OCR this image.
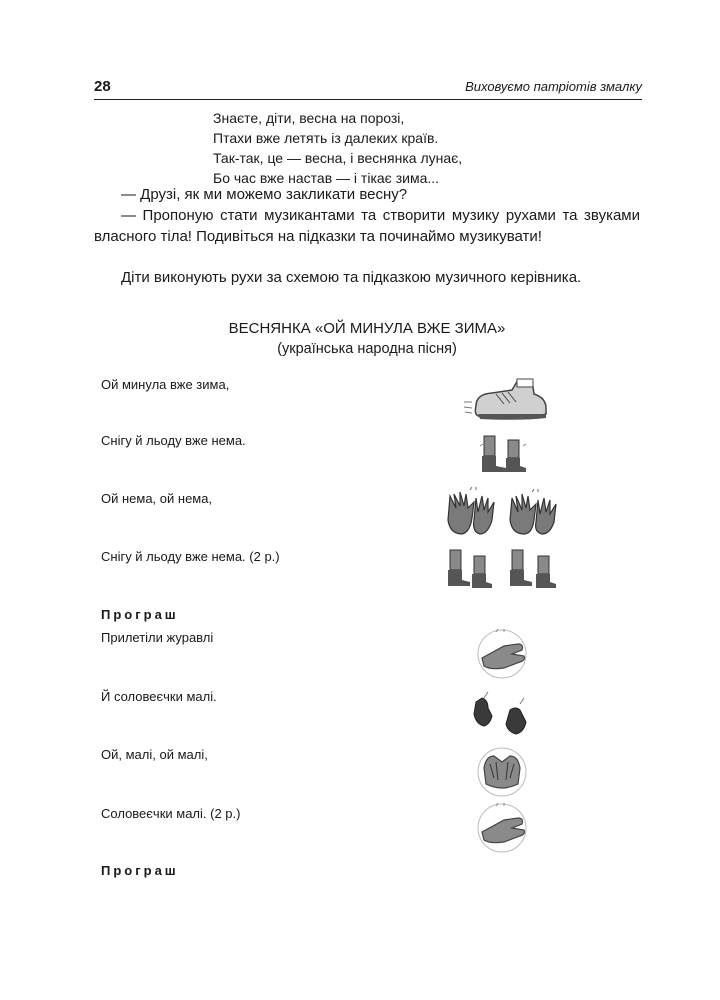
28	Виховуємо патріотів змалку
Знаєте, діти, весна на порозі,
Птахи вже летять із далеких країв.
Так-так, це — весна, і веснянка лунає,
Бо час вже настав — і тікає зима...
— Друзі, як ми можемо закликати весну?
— Пропоную стати музикантами та створити музику рухами та звуками власного тіла! Подивіться на підказки та починаймо музикувати!
Діти виконують рухи за схемою та підказкою музичного керівника.
ВЕСНЯНКА «ОЙ МИНУЛА ВЖЕ ЗИМА»
(українська народна пісня)
Ой минула вже зима,
Снігу й льоду вже нема.
Ой нема, ой нема,
Снігу й льоду вже нема. (2 р.)
Програш
Прилетіли журавлі
Й соловеєчки малі.
Ой, малі, ой малі,
Соловеєчки малі. (2 р.)
Програш
